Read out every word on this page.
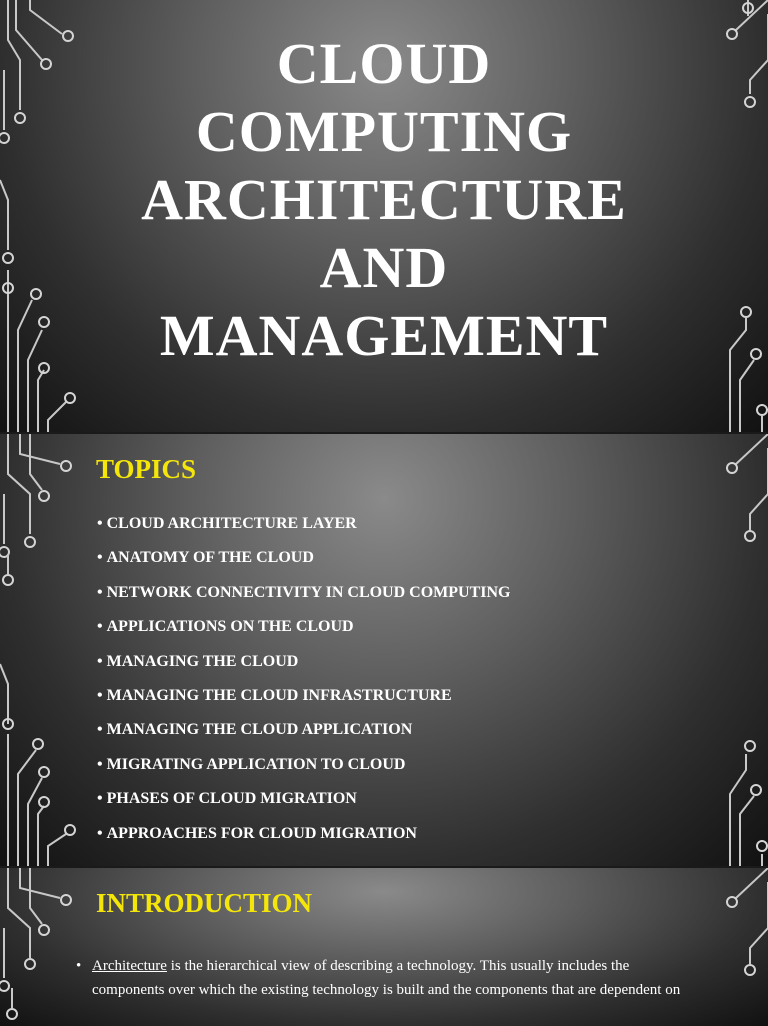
CLOUD
COMPUTING
ARCHITECTURE
AND
MANAGEMENT
TOPICS
• CLOUD ARCHITECTURE LAYER
• ANATOMY OF THE CLOUD
• NETWORK CONNECTIVITY IN CLOUD COMPUTING
• APPLICATIONS ON THE CLOUD
• MANAGING THE CLOUD
• MANAGING THE CLOUD INFRASTRUCTURE
• MANAGING THE CLOUD APPLICATION
• MIGRATING APPLICATION TO CLOUD
• PHASES OF CLOUD MIGRATION
• APPROACHES FOR CLOUD MIGRATION
INTRODUCTION
• Architecture is the hierarchical view of describing a technology. This usually includes the components over which the existing technology is built and the components that are dependent on
